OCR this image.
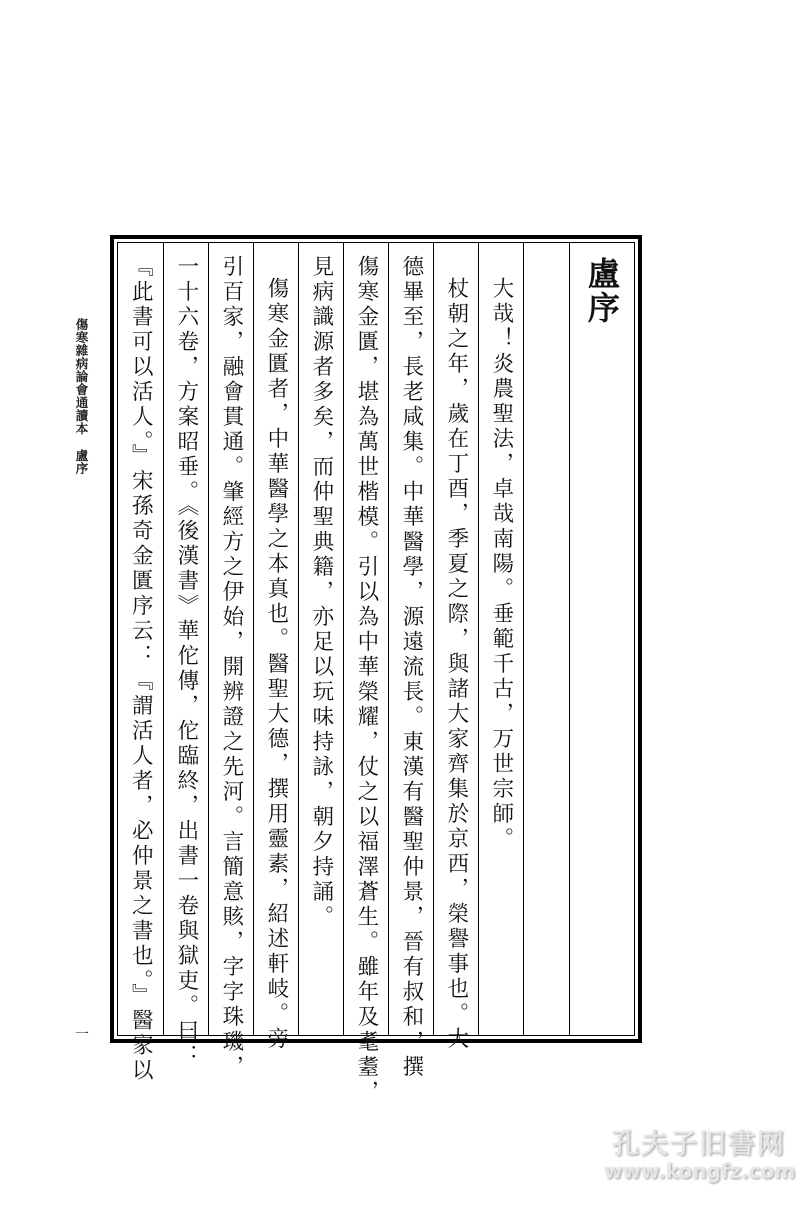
傷寒雜病論會通讀本盧序
一
盧序
大哉！炎農聖法，卓哉南陽。垂範千古，万世宗師。
杖朝之年，歲在丁酉，季夏之際，與諸大家齊集於京西，榮譽事也。大
德畢至，長老咸集。中華醫學，源遠流長。東漢有醫聖仲景，晉有叔和，撰
傷寒金匱，堪為萬世楷模。引以為中華榮耀，仗之以福澤蒼生。雖年及耄耋，
見病識源者多矣，而仲聖典籍，亦足以玩味持詠，朝夕持誦。
傷寒金匱者，中華醫學之本真也。醫聖大德，撰用靈素，紹述軒岐。旁
引百家，融會貫通。肇經方之伊始，開辨證之先河。言簡意賅，字字珠璣，
一十六卷，方案昭垂。《後漢書》華佗傳，佗臨終，出書一卷與獄吏。曰：
『此書可以活人。』宋孫奇金匱序云：『謂活人者，必仲景之書也。』醫家以
孔夫子旧書网
www.kongfz.com
